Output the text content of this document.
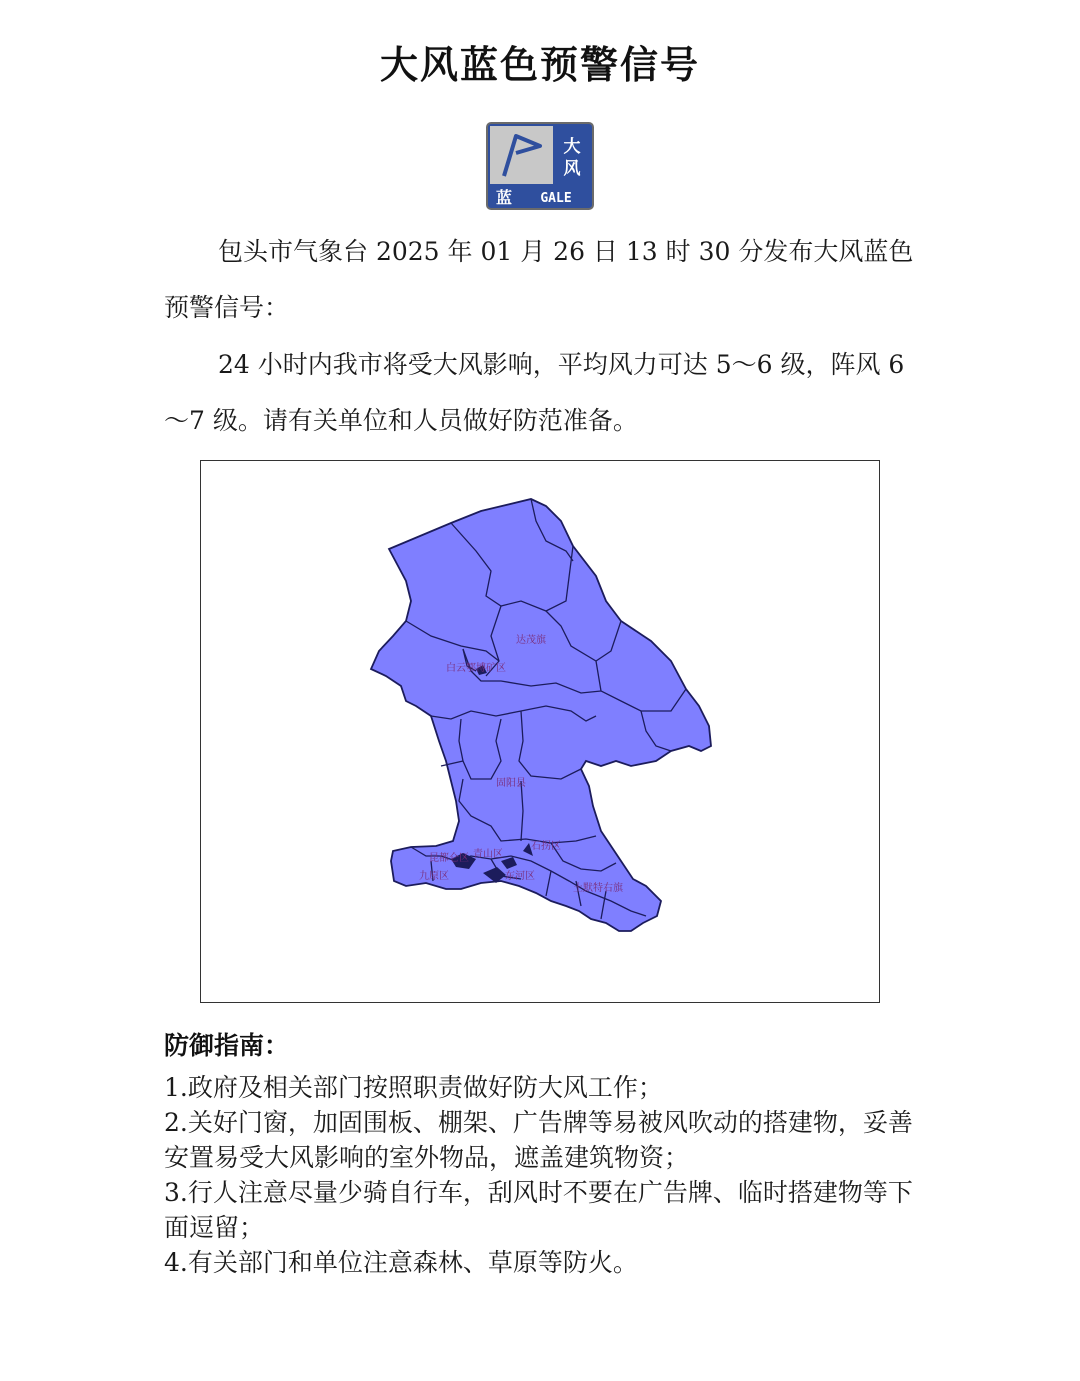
大风蓝色预警信号
大
风
蓝 GALE

包头市气象台 2025 年 01 月 26 日 13 时 30 分发布大风蓝色预警信号：

24 小时内我市将受大风影响，平均风力可达 5～6 级，阵风 6～7 级。请有关单位和人员做好防范准备。

达茂旗
白云鄂博矿区
固阳县
石拐区
九原区
青山区
昆都仑区
东河区
土默特右旗
防御指南：
1.政府及相关部门按照职责做好防大风工作；
2.关好门窗，加固围板、棚架、广告牌等易被风吹动的搭建物，妥善安置易受大风影响的室外物品，遮盖建筑物资；
3.行人注意尽量少骑自行车，刮风时不要在广告牌、临时搭建物等下面逗留；
4.有关部门和单位注意森林、草原等防火。
